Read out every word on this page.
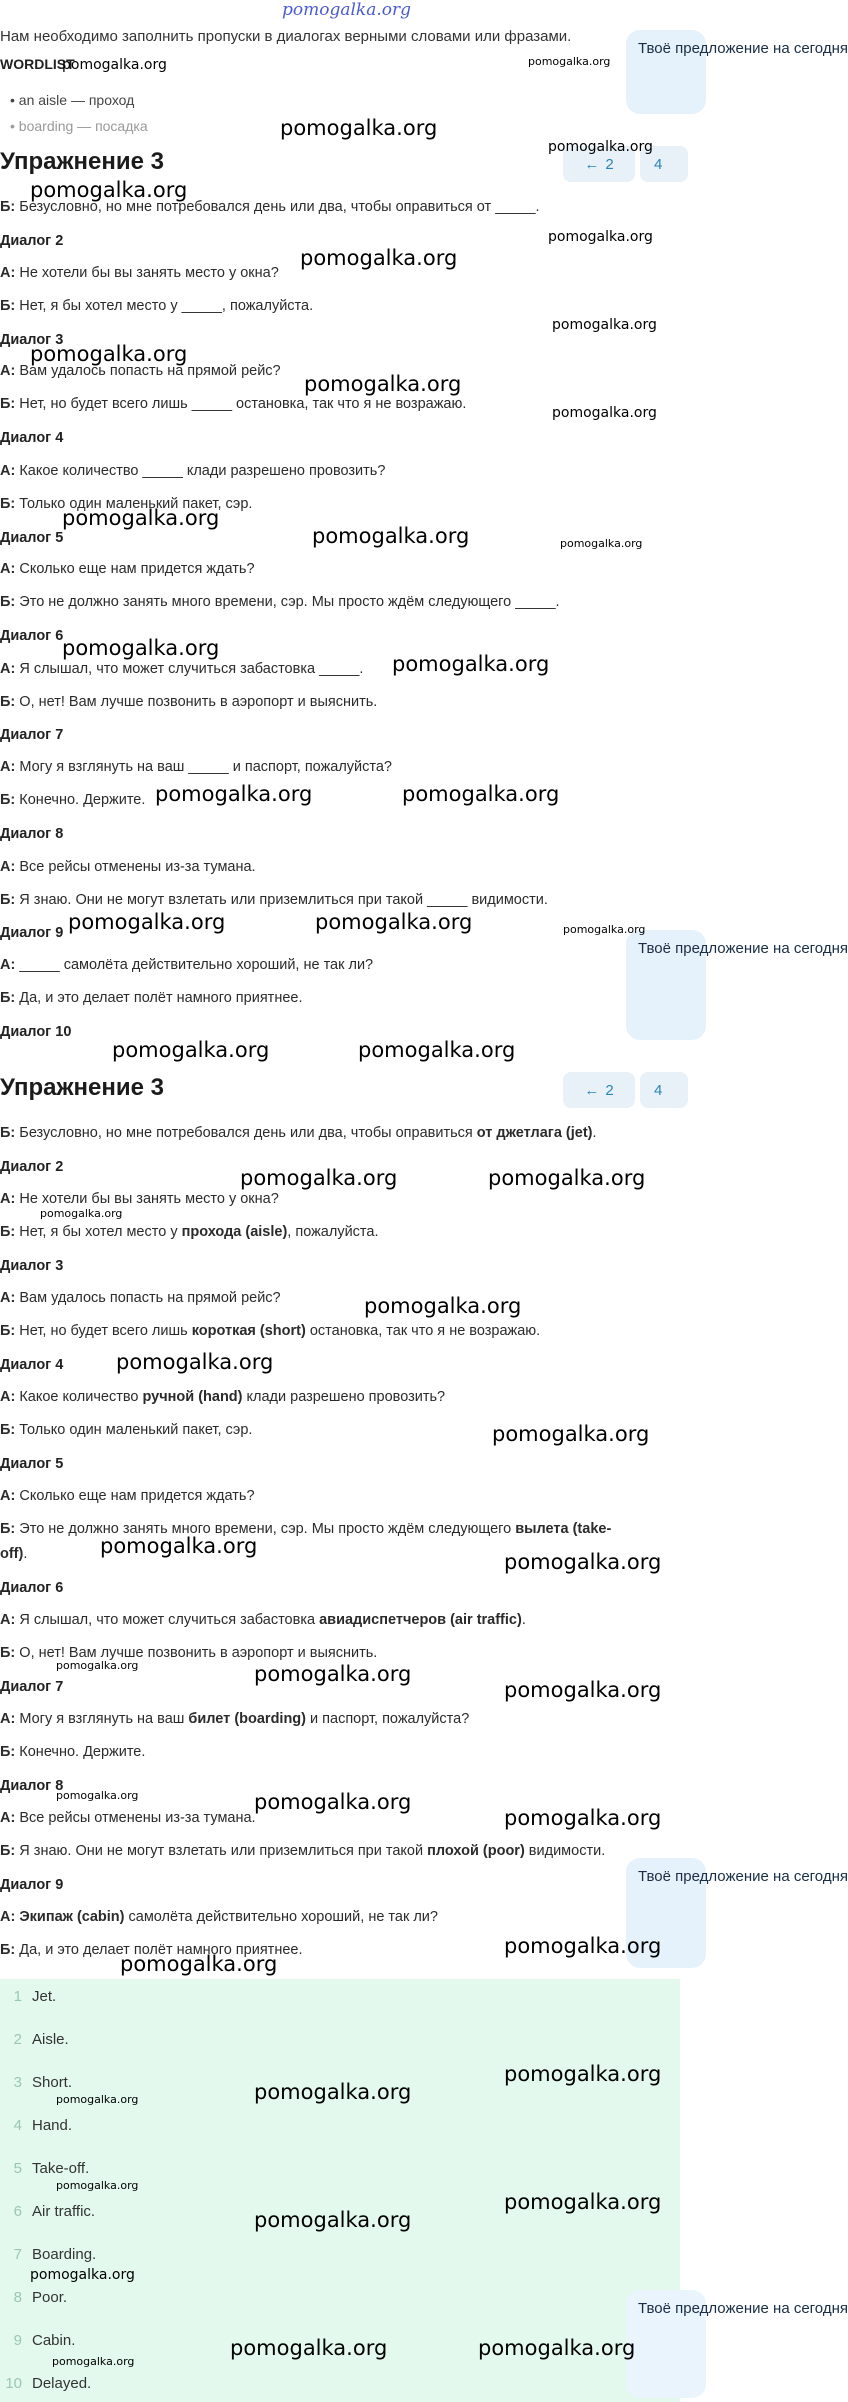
pomogalka.org
Нам необходимо заполнить пропуски в диалогах верными словами или фразами.
WORDLIST
• an aisle — проход
• boarding — посадка
Твоё предложение на сегодня
Упражнение 3	← 2	4
Б: Безусловно, но мне потребовался день или два, чтобы оправиться от _____.
Диалог 2
А: Не хотели бы вы занять место у окна?
Б: Нет, я бы хотел место у _____, пожалуйста.
Диалог 3
А: Вам удалось попасть на прямой рейс?
Б: Нет, но будет всего лишь _____ остановка, так что я не возражаю.
Диалог 4
А: Какое количество _____ клади разрешено провозить?
Б: Только один маленький пакет, сэр.
Диалог 5
А: Сколько еще нам придется ждать?
Б: Это не должно занять много времени, сэр. Мы просто ждём следующего _____.
Диалог 6
А: Я слышал, что может случиться забастовка _____.
Б: О, нет! Вам лучше позвонить в аэропорт и выяснить.
Диалог 7
А: Могу я взглянуть на ваш _____ и паспорт, пожалуйста?
Б: Конечно. Держите.
Диалог 8
А: Все рейсы отменены из-за тумана.
Б: Я знаю. Они не могут взлетать или приземлиться при такой _____ видимости.
Диалог 9
А: _____ самолёта действительно хороший, не так ли?
Б: Да, и это делает полёт намного приятнее.
Диалог 10
Твоё предложение на сегодня
Упражнение 3	← 2	4
Б: Безусловно, но мне потребовался день или два, чтобы оправиться от джетлага (jet).
Диалог 2
А: Не хотели бы вы занять место у окна?
Б: Нет, я бы хотел место у прохода (aisle), пожалуйста.
Диалог 3
А: Вам удалось попасть на прямой рейс?
Б: Нет, но будет всего лишь короткая (short) остановка, так что я не возражаю.
Диалог 4
А: Какое количество ручной (hand) клади разрешено провозить?
Б: Только один маленький пакет, сэр.
Диалог 5
А: Сколько еще нам придется ждать?
Б: Это не должно занять много времени, сэр. Мы просто ждём следующего вылета (take-
off).
Диалог 6
А: Я слышал, что может случиться забастовка авиадиспетчеров (air traffic).
Б: О, нет! Вам лучше позвонить в аэропорт и выяснить.
Диалог 7
А: Могу я взглянуть на ваш билет (boarding) и паспорт, пожалуйста?
Б: Конечно. Держите.
Диалог 8
А: Все рейсы отменены из-за тумана.
Б: Я знаю. Они не могут взлетать или приземлиться при такой плохой (poor) видимости.
Диалог 9
А: Экипаж (cabin) самолёта действительно хороший, не так ли?
Б: Да, и это делает полёт намного приятнее.
Твоё предложение на сегодня
1 Jet.
2 Aisle.
3 Short.
4 Hand.
5 Take-off.
6 Air traffic.
7 Boarding.
8 Poor.
9 Cabin.
10 Delayed.
Твоё предложение на сегодня
pomogalka.org	pomogalka.org
pomogalka.org
pomogalka.org
pomogalka.org
pomogalka.org
pomogalka.org
pomogalka.org
pomogalka.org
pomogalka.org
pomogalka.org
pomogalka.org
pomogalka.org	pomogalka.org
pomogalka.org
pomogalka.org
pomogalka.org	pomogalka.org
pomogalka.org	pomogalka.org	pomogalka.org
pomogalka.org	pomogalka.org
pomogalka.org	pomogalka.org
pomogalka.org
pomogalka.org
pomogalka.org
pomogalka.org
pomogalka.org
pomogalka.org
pomogalka.org
pomogalka.org
pomogalka.org
pomogalka.org
pomogalka.org
pomogalka.org
pomogalka.org
pomogalka.org
pomogalka.org	pomogalka.org
pomogalka.org
pomogalka.org
pomogalka.org
pomogalka.org
pomogalka.org
pomogalka.org
pomogalka.org	pomogalka.org
